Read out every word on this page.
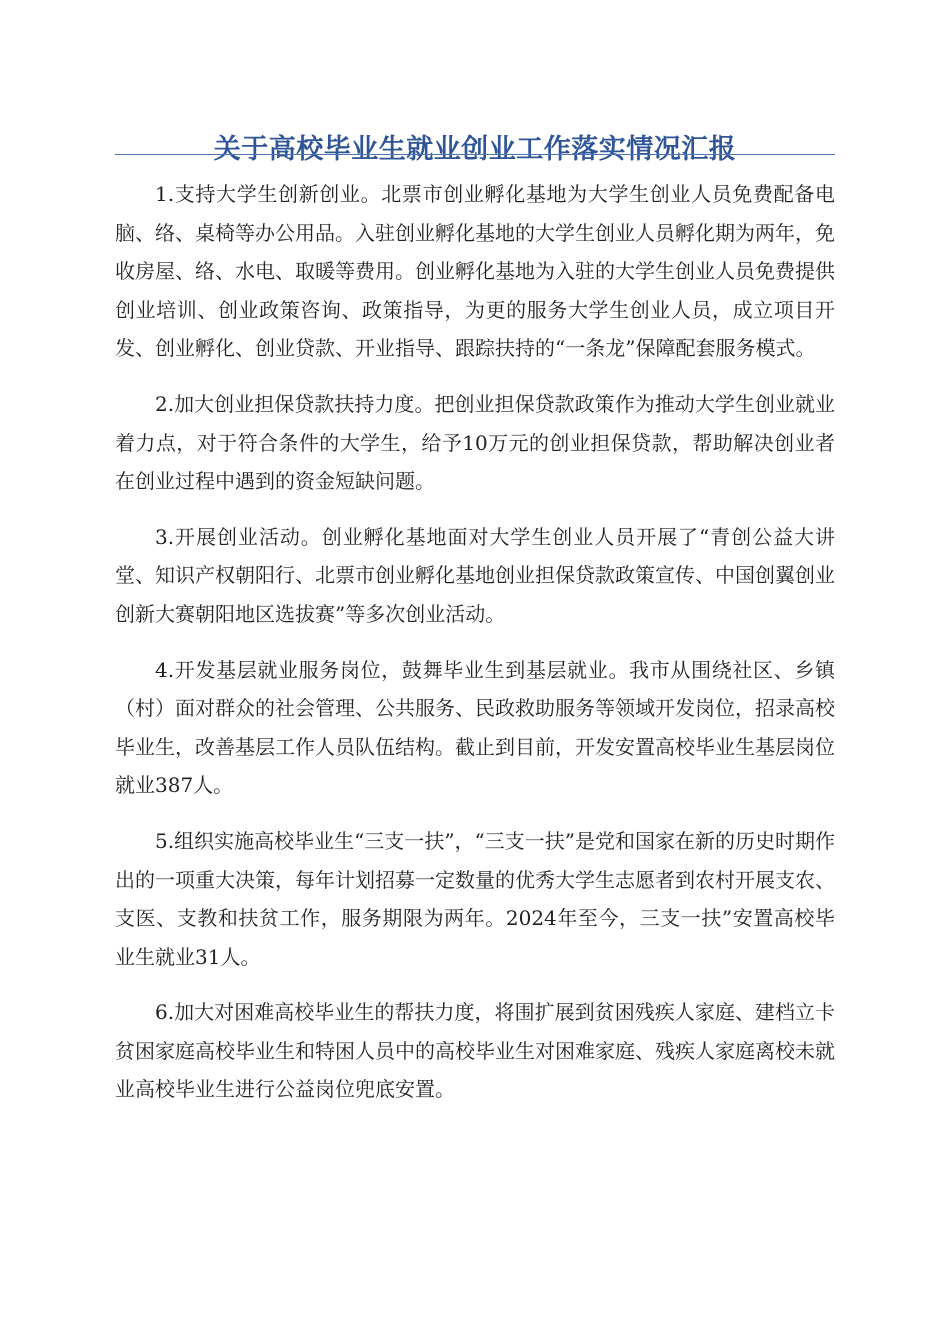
关于高校毕业生就业创业工作落实情况汇报

1.支持大学生创新创业。北票市创业孵化基地为大学生创业人员免费配备电脑、络、桌椅等办公用品。入驻创业孵化基地的大学生创业人员孵化期为两年，免收房屋、络、水电、取暖等费用。创业孵化基地为入驻的大学生创业人员免费提供创业培训、创业政策咨询、政策指导，为更的服务大学生创业人员，成立项目开发、创业孵化、创业贷款、开业指导、跟踪扶持的“一条龙”保障配套服务模式。

2.加大创业担保贷款扶持力度。把创业担保贷款政策作为推动大学生创业就业着力点，对于符合条件的大学生，给予10万元的创业担保贷款，帮助解决创业者在创业过程中遇到的资金短缺问题。

3.开展创业活动。创业孵化基地面对大学生创业人员开展了“青创公益大讲堂、知识产权朝阳行、北票市创业孵化基地创业担保贷款政策宣传、中国创翼创业创新大赛朝阳地区选拔赛”等多次创业活动。

4.开发基层就业服务岗位，鼓舞毕业生到基层就业。我市从围绕社区、乡镇（村）面对群众的社会管理、公共服务、民政救助服务等领域开发岗位，招录高校毕业生，改善基层工作人员队伍结构。截止到目前，开发安置高校毕业生基层岗位就业387人。

5.组织实施高校毕业生“三支一扶”，“三支一扶”是党和国家在新的历史时期作出的一项重大决策，每年计划招募一定数量的优秀大学生志愿者到农村开展支农、支医、支教和扶贫工作，服务期限为两年。2024年至今，三支一扶”安置高校毕业生就业31人。

6.加大对困难高校毕业生的帮扶力度，将围扩展到贫困残疾人家庭、建档立卡贫困家庭高校毕业生和特困人员中的高校毕业生对困难家庭、残疾人家庭离校未就业高校毕业生进行公益岗位兜底安置。
